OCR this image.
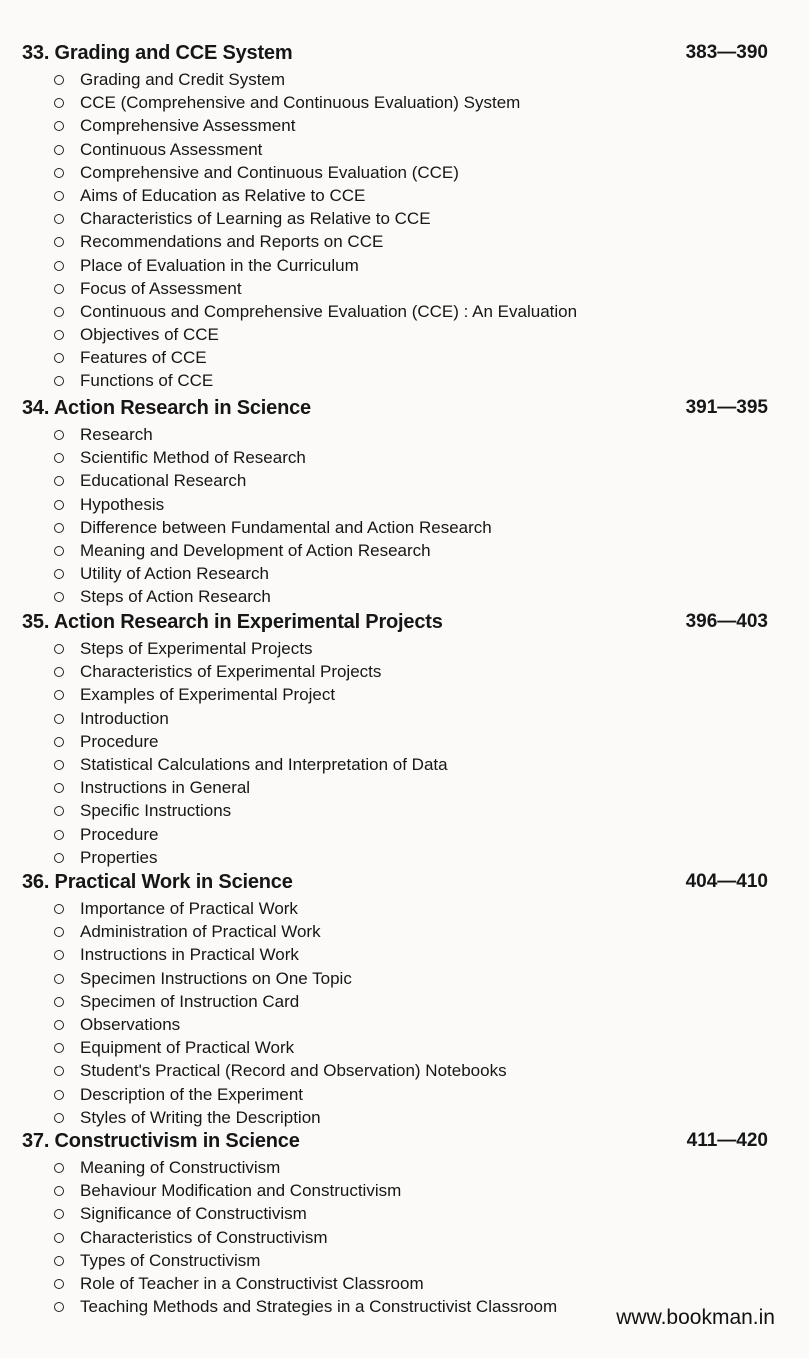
33. Grading and CCE System	383—390
Grading and Credit System
CCE (Comprehensive and Continuous Evaluation) System
Comprehensive Assessment
Continuous Assessment
Comprehensive and Continuous Evaluation (CCE)
Aims of Education as Relative to CCE
Characteristics of Learning as Relative to CCE
Recommendations and Reports on CCE
Place of Evaluation in the Curriculum
Focus of Assessment
Continuous and Comprehensive Evaluation (CCE) : An Evaluation
Objectives of CCE
Features of CCE
Functions of CCE
34. Action Research in Science	391—395
Research
Scientific Method of Research
Educational Research
Hypothesis
Difference between Fundamental and Action Research
Meaning and Development of Action Research
Utility of Action Research
Steps of Action Research
35. Action Research in Experimental Projects	396—403
Steps of Experimental Projects
Characteristics of Experimental Projects
Examples of Experimental Project
Introduction
Procedure
Statistical Calculations and Interpretation of Data
Instructions in General
Specific Instructions
Procedure
Properties
36. Practical Work in Science	404—410
Importance of Practical Work
Administration of Practical Work
Instructions in Practical Work
Specimen Instructions on One Topic
Specimen of Instruction Card
Observations
Equipment of Practical Work
Student's Practical (Record and Observation) Notebooks
Description of the Experiment
Styles of Writing the Description
37. Constructivism in Science	411—420
Meaning of Constructivism
Behaviour Modification and Constructivism
Significance of Constructivism
Characteristics of Constructivism
Types of Constructivism
Role of Teacher in a Constructivist Classroom
Teaching Methods and Strategies in a Constructivist Classroom	www.bookman.in
